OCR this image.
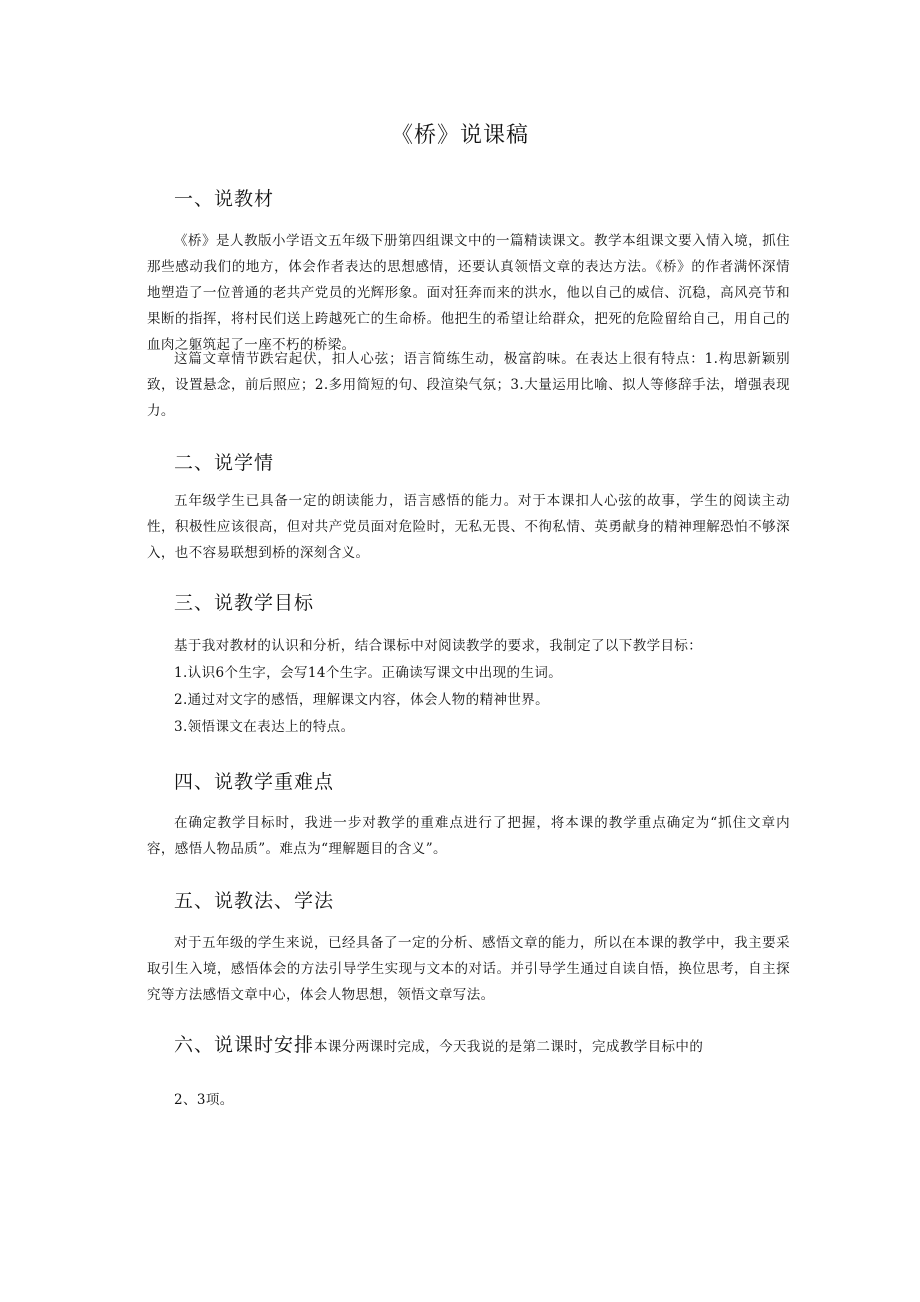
《桥》说课稿
一、说教材
《桥》是人教版小学语文五年级下册第四组课文中的一篇精读课文。教学本组课文要入情入境，抓住那些感动我们的地方，体会作者表达的思想感情，还要认真领悟文章的表达方法。《桥》的作者满怀深情地塑造了一位普通的老共产党员的光辉形象。面对狂奔而来的洪水，他以自己的威信、沉稳，高风亮节和果断的指挥，将村民们送上跨越死亡的生命桥。他把生的希望让给群众，把死的危险留给自己，用自己的血肉之躯筑起了一座不朽的桥梁。
这篇文章情节跌宕起伏，扣人心弦；语言简练生动，极富韵味。在表达上很有特点：1.构思新颖别致，设置悬念，前后照应；2.多用简短的句、段渲染气氛；3.大量运用比喻、拟人等修辞手法，增强表现力。
二、说学情
五年级学生已具备一定的朗读能力，语言感悟的能力。对于本课扣人心弦的故事，学生的阅读主动性，积极性应该很高，但对共产党员面对危险时，无私无畏、不徇私情、英勇献身的精神理解恐怕不够深入，也不容易联想到桥的深刻含义。
三、说教学目标
基于我对教材的认识和分析，结合课标中对阅读教学的要求，我制定了以下教学目标：
1.认识6个生字，会写14个生字。正确读写课文中出现的生词。
2.通过对文字的感悟，理解课文内容，体会人物的精神世界。
3.领悟课文在表达上的特点。
四、说教学重难点
在确定教学目标时，我进一步对教学的重难点进行了把握，将本课的教学重点确定为“抓住文章内容，感悟人物品质”。难点为“理解题目的含义”。
五、说教法、学法
对于五年级的学生来说，已经具备了一定的分析、感悟文章的能力，所以在本课的教学中，我主要采取引生入境，感悟体会的方法引导学生实现与文本的对话。并引导学生通过自读自悟，换位思考，自主探究等方法感悟文章中心，体会人物思想，领悟文章写法。
六、说课时安排本课分两课时完成，今天我说的是第二课时，完成教学目标中的
2、3项。
